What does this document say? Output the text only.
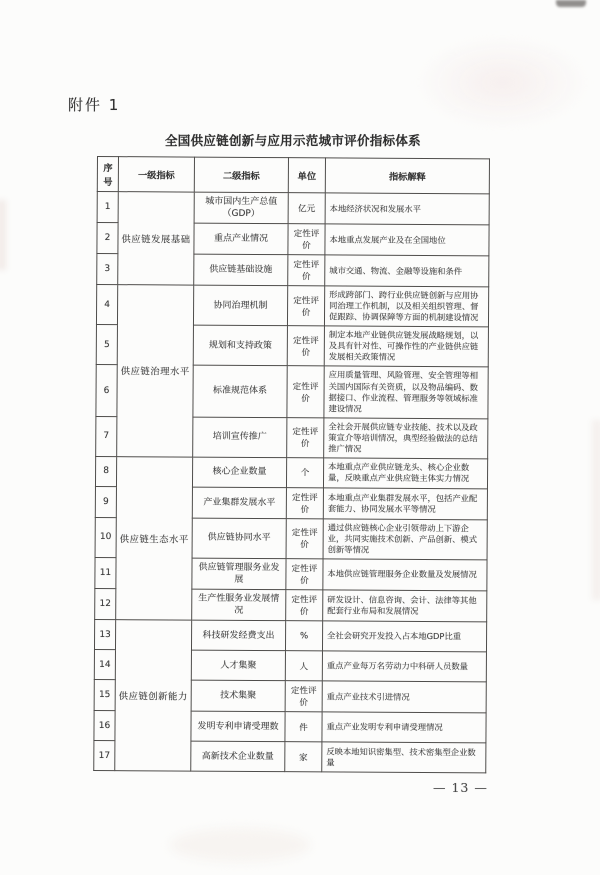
附件 1
全国供应链创新与应用示范城市评价指标体系
序号	一级指标	二级指标	单位	指标解释
1	供应链发展基础	城市国内生产总值（GDP）	亿元	本地经济状况和发展水平
2		重点产业情况	定性评价	本地重点发展产业及在全国地位
3		供应链基础设施	定性评价	城市交通、物流、金融等设施和条件
4	供应链治理水平	协同治理机制	定性评价	形成跨部门、跨行业供应链创新与应用协同治理工作机制，以及相关组织管理、督促跟踪、协调保障等方面的机制建设情况
5		规划和支持政策	定性评价	制定本地产业链供应链发展战略规划，以及具有针对性、可操作性的产业链供应链发展相关政策情况
6		标准规范体系	定性评价	应用质量管理、风险管理、安全管理等相关国内国际有关资质，以及物品编码、数据接口、作业流程、管理服务等领域标准建设情况
7		培训宣传推广	定性评价	全社会开展供应链专业技能、技术以及政策宣介等培训情况，典型经验做法的总结推广情况
8	供应链生态水平	核心企业数量	个	本地重点产业供应链龙头、核心企业数量，反映重点产业供应链主体实力情况
9		产业集群发展水平	定性评价	本地重点产业集群发展水平，包括产业配套能力、协同发展水平等情况
10		供应链协同水平	定性评价	通过供应链核心企业引领带动上下游企业，共同实施技术创新、产品创新、模式创新等情况
11		供应链管理服务业发展	定性评价	本地供应链管理服务企业数量及发展情况
12		生产性服务业发展情况	定性评价	研发设计、信息咨询、会计、法律等其他配套行业布局和发展情况
13	供应链创新能力	科技研发经费支出	%	全社会研究开发投入占本地GDP比重
14		人才集聚	人	重点产业每万名劳动力中科研人员数量
15		技术集聚	定性评价	重点产业技术引进情况
16		发明专利申请受理数	件	重点产业发明专利申请受理情况
17		高新技术企业数量	家	反映本地知识密集型、技术密集型企业数量
— 13 —
